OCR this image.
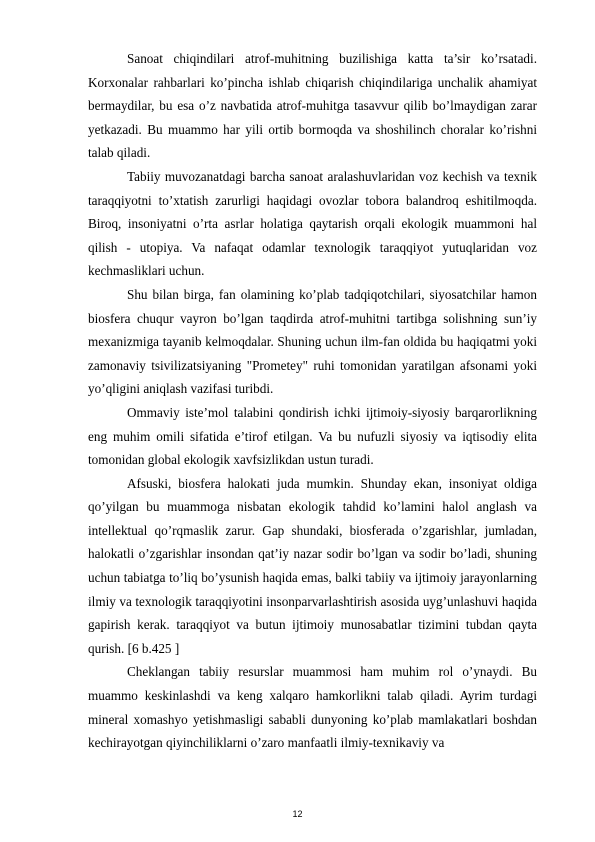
Sanoat chiqindilari atrof-muhitning buzilishiga katta ta’sir ko’rsatadi. Korxonalar rahbarlari ko’pincha ishlab chiqarish chiqindilariga unchalik ahamiyat bermaydilar, bu esa o’z navbatida atrof-muhitga tasavvur qilib bo’lmaydigan zarar yetkazadi. Bu muammo har yili ortib bormoqda va shoshilinch choralar ko’rishni talab qiladi.

Tabiiy muvozanatdagi barcha sanoat aralashuvlaridan voz kechish va texnik taraqqiyotni to’xtatish zarurligi haqidagi ovozlar tobora balandroq eshitilmoqda. Biroq, insoniyatni o’rta asrlar holatiga qaytarish orqali ekologik muammoni hal qilish - utopiya. Va nafaqat odamlar texnologik taraqqiyot yutuqlaridan voz kechmasliklari uchun.

Shu bilan birga, fan olamining ko’plab tadqiqotchilari, siyosatchilar hamon biosfera chuqur vayron bo’lgan taqdirda atrof-muhitni tartibga solishning sun’iy mexanizmiga tayanib kelmoqdalar. Shuning uchun ilm-fan oldida bu haqiqatmi yoki zamonaviy tsivilizatsiyaning "Prometey" ruhi tomonidan yaratilgan afsonami yoki yo’qligini aniqlash vazifasi turibdi.

Ommaviy iste’mol talabini qondirish ichki ijtimoiy-siyosiy barqarorlikning eng muhim omili sifatida e’tirof etilgan. Va bu nufuzli siyosiy va iqtisodiy elita tomonidan global ekologik xavfsizlikdan ustun turadi.

Afsuski, biosfera halokati juda mumkin. Shunday ekan, insoniyat oldiga qo’yilgan bu muammoga nisbatan ekologik tahdid ko’lamini halol anglash va intellektual qo’rqmaslik zarur. Gap shundaki, biosferada o’zgarishlar, jumladan, halokatli o’zgarishlar insondan qat’iy nazar sodir bo’lgan va sodir bo’ladi, shuning uchun tabiatga to’liq bo’ysunish haqida emas, balki tabiiy va ijtimoiy jarayonlarning ilmiy va texnologik taraqqiyotini insonparvarlashtirish asosida uyg’unlashuvi haqida gapirish kerak. taraqqiyot va butun ijtimoiy munosabatlar tizimini tubdan qayta qurish. [6 b.425 ]

Cheklangan tabiiy resurslar muammosi ham muhim rol o’ynaydi. Bu muammo keskinlashdi va keng xalqaro hamkorlikni talab qiladi. Ayrim turdagi mineral xomashyo yetishmasligi sababli dunyoning ko’plab mamlakatlari boshdan kechirayotgan qiyinchiliklarni o’zaro manfaatli ilmiy-texnikaviy va

12
